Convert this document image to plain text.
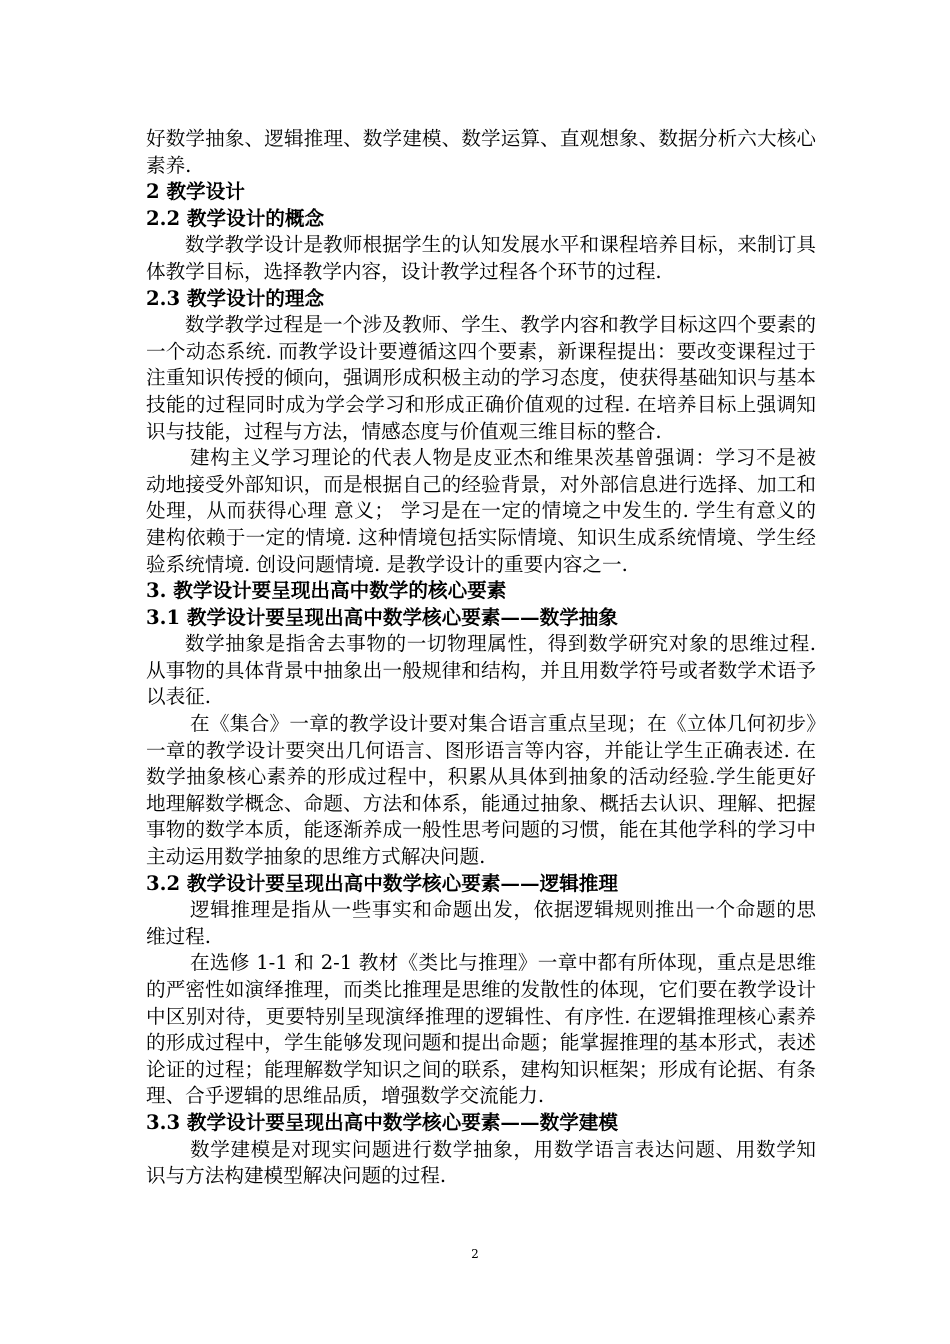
好数学抽象、逻辑推理、数学建模、数学运算、直观想象、数据分析六大核心素养.

2 教学设计

2.2 教学设计的概念

数学教学设计是教师根据学生的认知发展水平和课程培养目标，来制订具体教学目标，选择教学内容，设计教学过程各个环节的过程.

2.3 教学设计的理念

数学教学过程是一个涉及教师、学生、教学内容和教学目标这四个要素的一个动态系统. 而教学设计要遵循这四个要素，新课程提出：要改变课程过于注重知识传授的倾向，强调形成积极主动的学习态度，使获得基础知识与基本技能的过程同时成为学会学习和形成正确价值观的过程. 在培养目标上强调知识与技能，过程与方法，情感态度与价值观三维目标的整合.

建构主义学习理论的代表人物是皮亚杰和维果茨基曾强调：学习不是被动地接受外部知识，而是根据自己的经验背景，对外部信息进行选择、加工和处理，从而获得心理 意义； 学习是在一定的情境之中发生的. 学生有意义的建构依赖于一定的情境. 这种情境包括实际情境、知识生成系统情境、学生经验系统情境. 创设问题情境. 是教学设计的重要内容之一.

3. 教学设计要呈现出高中数学的核心要素

3.1 教学设计要呈现出高中数学核心要素——数学抽象

数学抽象是指舍去事物的一切物理属性，得到数学研究对象的思维过程. 从事物的具体背景中抽象出一般规律和结构，并且用数学符号或者数学术语予以表征.

在《集合》一章的教学设计要对集合语言重点呈现；在《立体几何初步》一章的教学设计要突出几何语言、图形语言等内容，并能让学生正确表述. 在数学抽象核心素养的形成过程中，积累从具体到抽象的活动经验.学生能更好地理解数学概念、命题、方法和体系，能通过抽象、概括去认识、理解、把握事物的数学本质，能逐渐养成一般性思考问题的习惯，能在其他学科的学习中主动运用数学抽象的思维方式解决问题.

3.2 教学设计要呈现出高中数学核心要素——逻辑推理

逻辑推理是指从一些事实和命题出发，依据逻辑规则推出一个命题的思维过程.

在选修 1-1 和 2-1 教材《类比与推理》一章中都有所体现，重点是思维的严密性如演绎推理，而类比推理是思维的发散性的体现，它们要在教学设计中区别对待，更要特别呈现演绎推理的逻辑性、有序性. 在逻辑推理核心素养的形成过程中，学生能够发现问题和提出命题；能掌握推理的基本形式，表述论证的过程；能理解数学知识之间的联系，建构知识框架；形成有论据、有条理、合乎逻辑的思维品质，增强数学交流能力.

3.3 教学设计要呈现出高中数学核心要素——数学建模

数学建模是对现实问题进行数学抽象，用数学语言表达问题、用数学知识与方法构建模型解决问题的过程.

2
